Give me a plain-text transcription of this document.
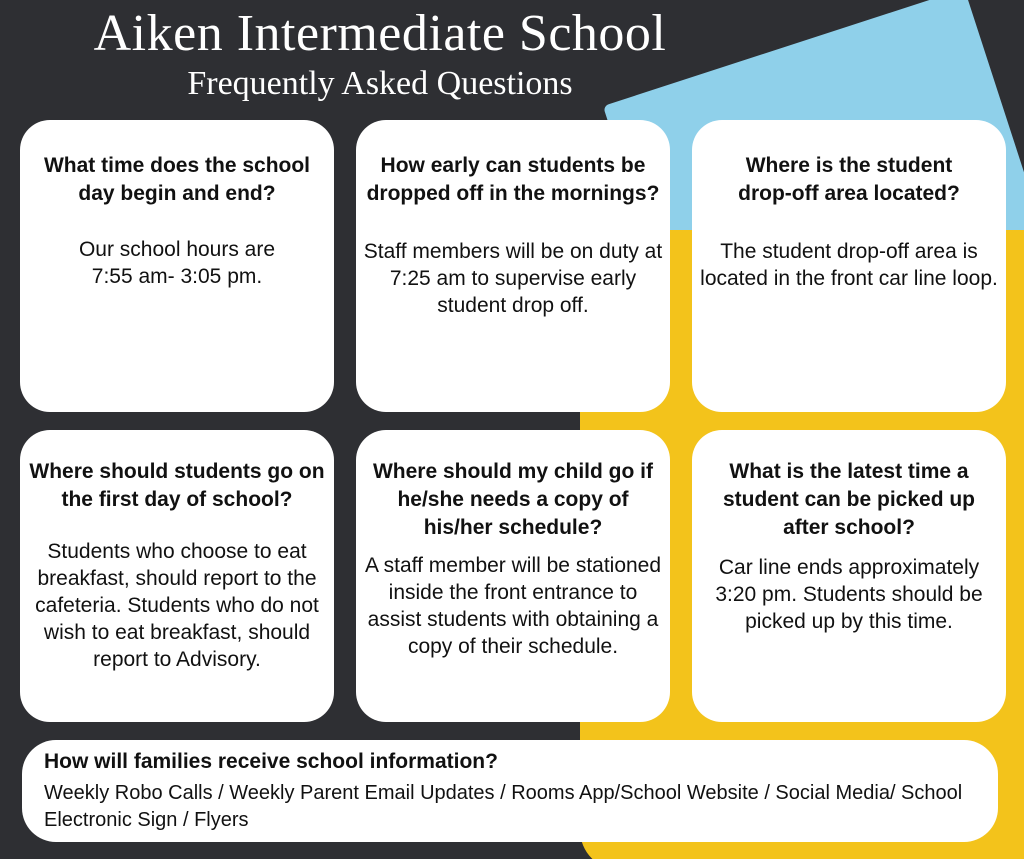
Aiken Intermediate School
Frequently Asked Questions
What time does the school day begin and end?
Our school hours are 7:55 am- 3:05 pm.
How early can students be dropped off in the mornings?
Staff members will be on duty at 7:25 am to supervise early student drop off.
Where is the student drop-off area located?
The student drop-off area is located in the front car line loop.
Where should students go on the first day of school?
Students who choose to eat breakfast, should report to the cafeteria. Students who do not wish to eat breakfast, should report to Advisory.
Where should my child go if he/she needs a copy of his/her schedule?
A staff member will be stationed inside the front entrance to assist students with obtaining a copy of their schedule.
What is the latest time a student can be picked up after school?
Car line ends approximately 3:20 pm. Students should be picked up by this time.
How will families receive school information?
Weekly Robo Calls / Weekly Parent Email Updates / Rooms App/School Website / Social Media/ School Electronic Sign / Flyers
